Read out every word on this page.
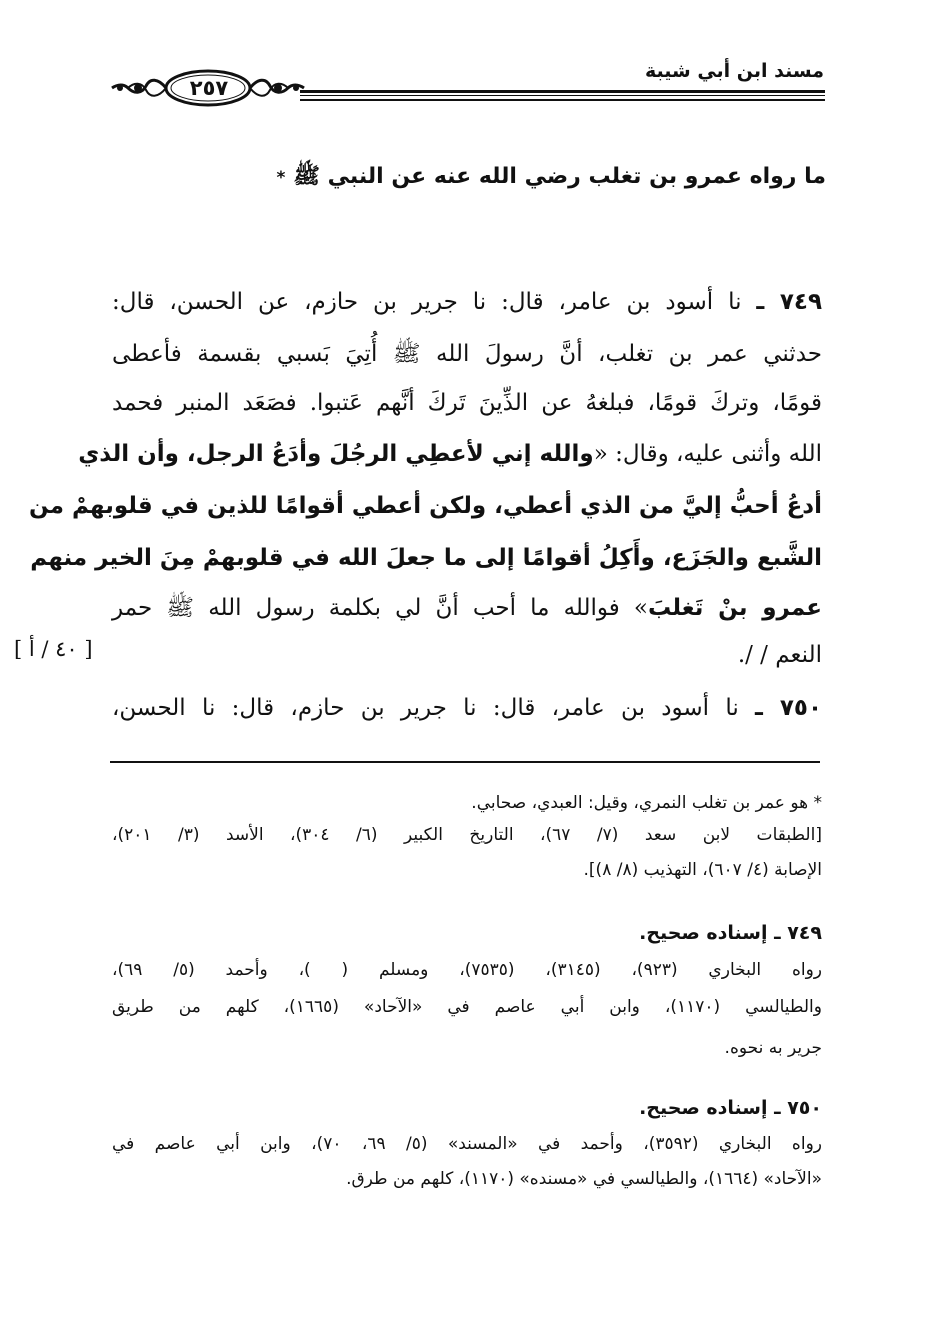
مسند ابن أبي شيبة
٢٥٧
ما رواه عمرو بن تغلب رضي الله عنه عن النبي ﷺ*
٧٤٩ ـ نا أسود بن عامر، قال: نا جرير بن حازم، عن الحسن، قال:
حدثني عمر بن تغلب، أنَّ رسولَ الله ﷺ أُتِيَ بَسبي بقسمة فأعطى
قومًا، وتركَ قومًا، فبلغهُ عن الذِّينَ تَركَ أنَّهم عَتبوا. فصَعَد المنبر فحمد
الله وأثنى عليه، وقال: «والله إني لأعطِي الرجُلَ وأدَعُ الرجل، وأن الذي
أدعُ أحبُّ إليَّ من الذي أعطي، ولكن أعطي أقوامًا للذين في قلوبهمْ من
الشَّبع والجَزَع، وأَكِلُ أقوامًا إلى ما جعلَ الله في قلوبهمْ مِنَ الخير منهم
عمرو بنْ تَغلبَ» فوالله ما أحب أنَّ لي بكلمة رسول الله ﷺ حمر
النعم / /.
[ ٤٠ / أ ]
٧٥٠ ـ نا أسود بن عامر، قال: نا جرير بن حازم، قال: نا الحسن،
* هو عمر بن تغلب النمري، وقيل: العبدي، صحابي.
[الطبقات لابن سعد (٧/ ٦٧)، التاريخ الكبير (٦/ ٣٠٤)، الأسد (٣/ ٢٠١)،
الإصابة (٤/ ٦٠٧)، التهذيب (٨/ ٨)].
٧٤٩ ـ إسناده صحيح.
رواه البخاري (٩٢٣)، (٣١٤٥)، (٧٥٣٥)، ومسلم ( )، وأحمد (٥/ ٦٩)،
والطيالسي (١١٧٠)، وابن أبي عاصم في «الآحاد» (١٦٦٥)، كلهم من طريق
جرير به نحوه.
٧٥٠ ـ إسناده صحيح.
رواه البخاري (٣٥٩٢)، وأحمد في «المسند» (٥/ ٦٩، ٧٠)، وابن أبي عاصم في
«الآحاد» (١٦٦٤)، والطيالسي في «مسنده» (١١٧٠)، كلهم من طرق.
